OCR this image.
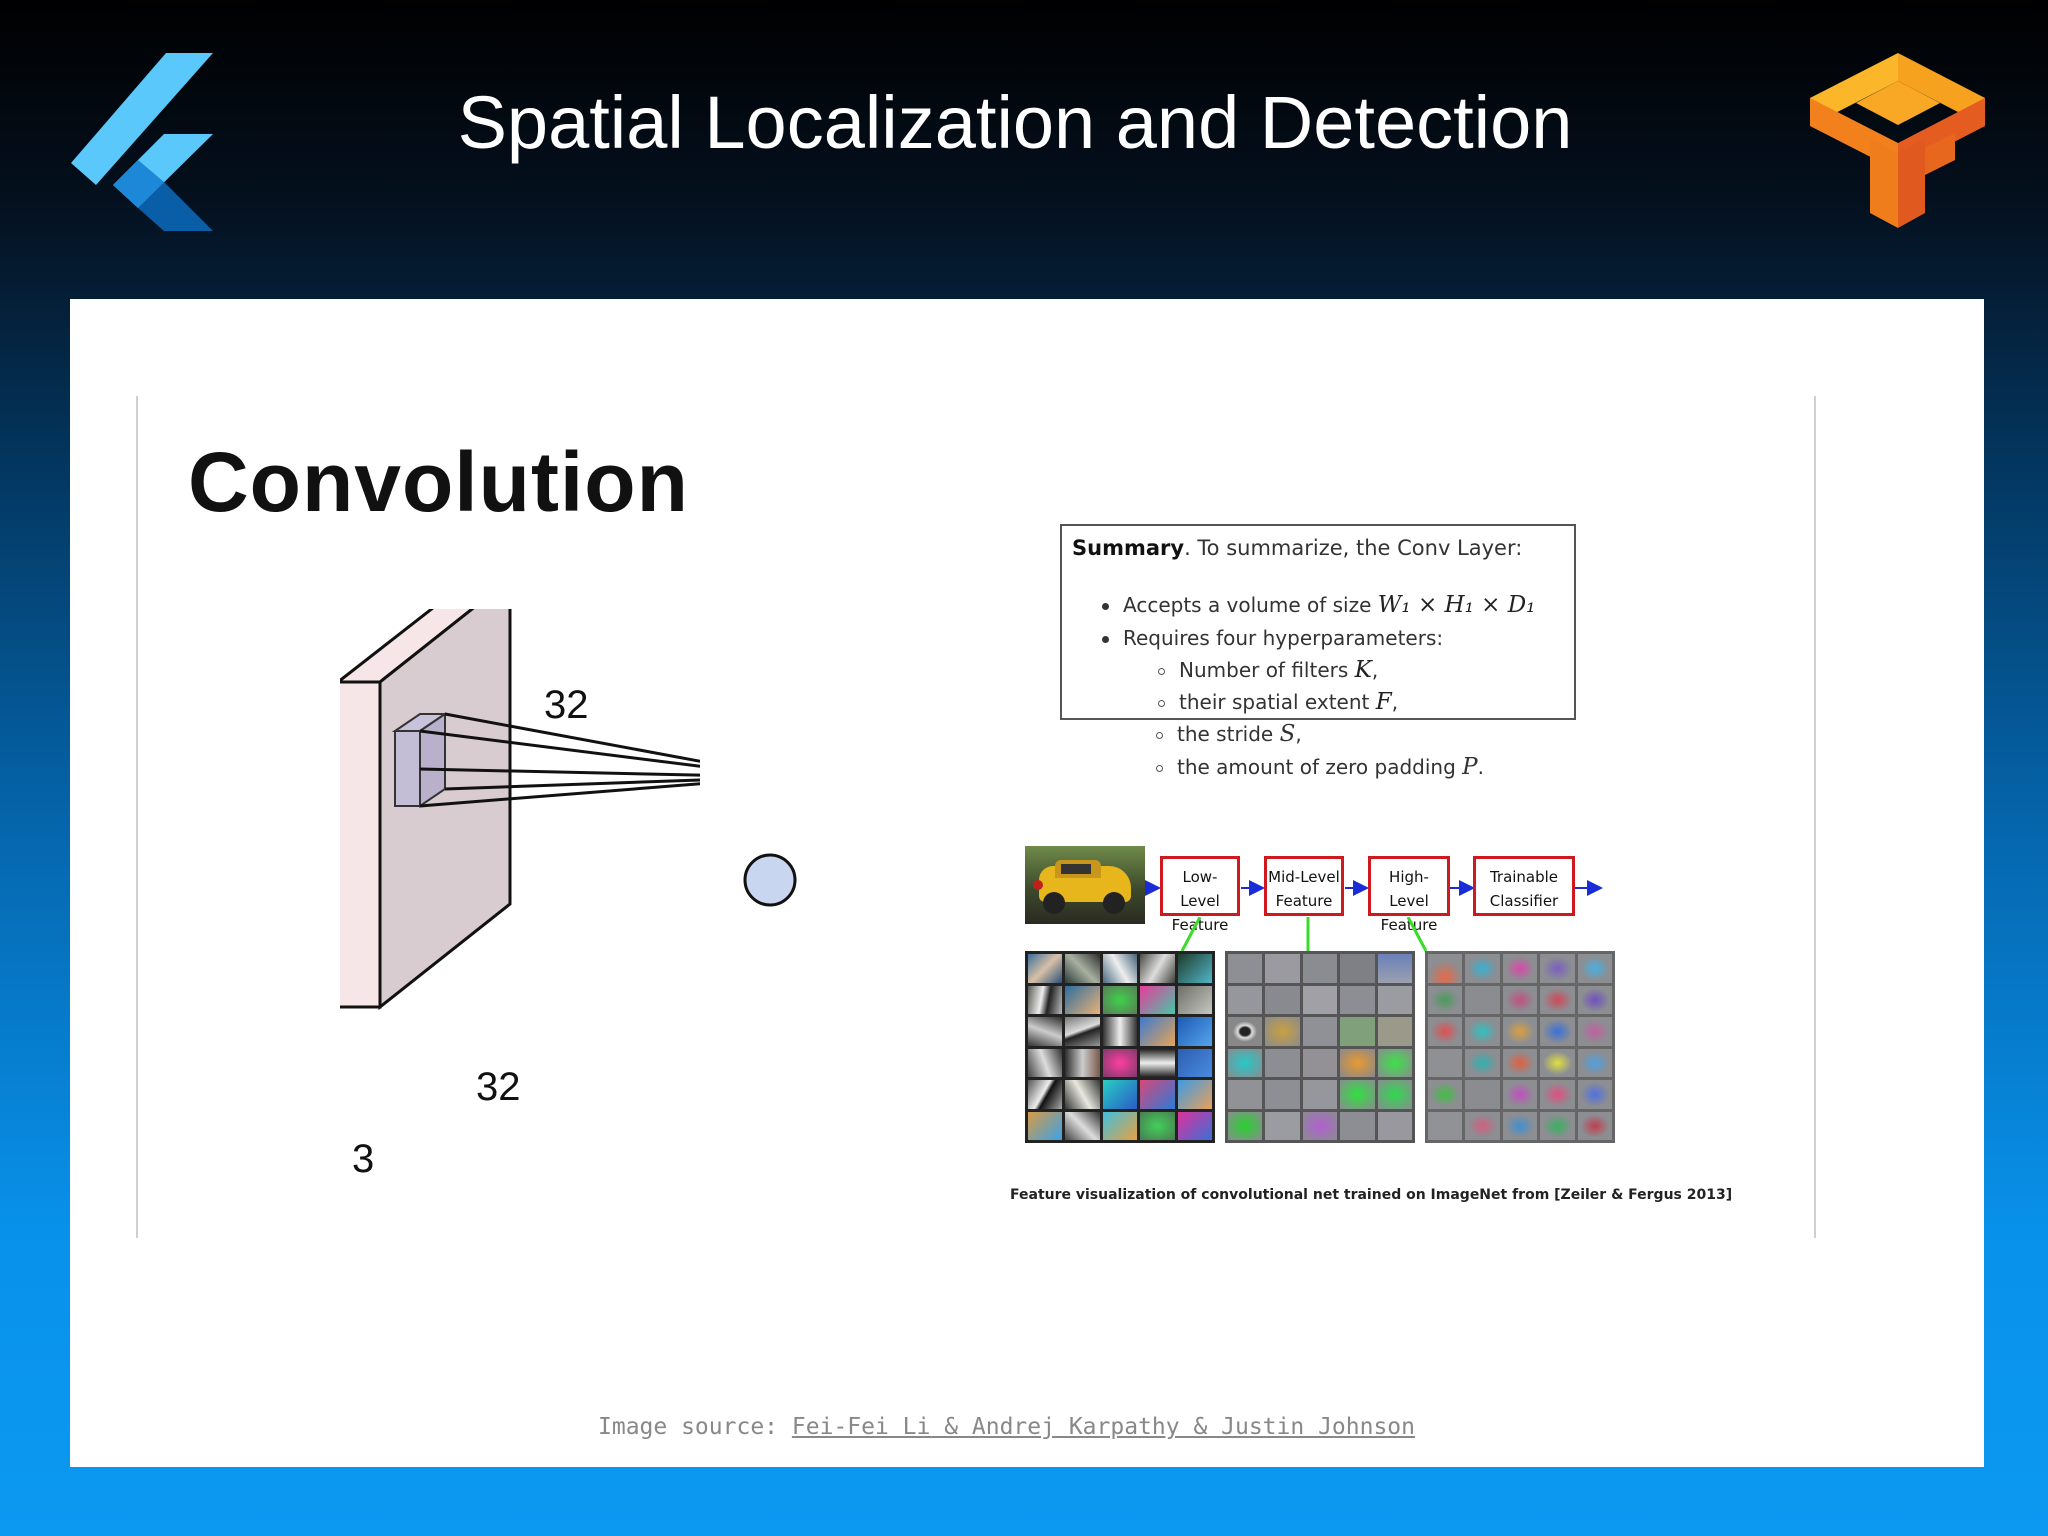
Spatial Localization and Detection
Convolution
32
32
3
Summary. To summarize, the Conv Layer:
Accepts a volume of size W₁ × H₁ × D₁
Requires four hyperparameters:
Number of filters K,
their spatial extent F,
the stride S,
the amount of zero padding P.
Low-Level
Feature
Mid-Level
Feature
High-Level
Feature
Trainable
Classifier
Feature visualization of convolutional net trained on ImageNet from [Zeiler & Fergus 2013]
Image source: Fei-Fei Li & Andrej Karpathy & Justin Johnson
